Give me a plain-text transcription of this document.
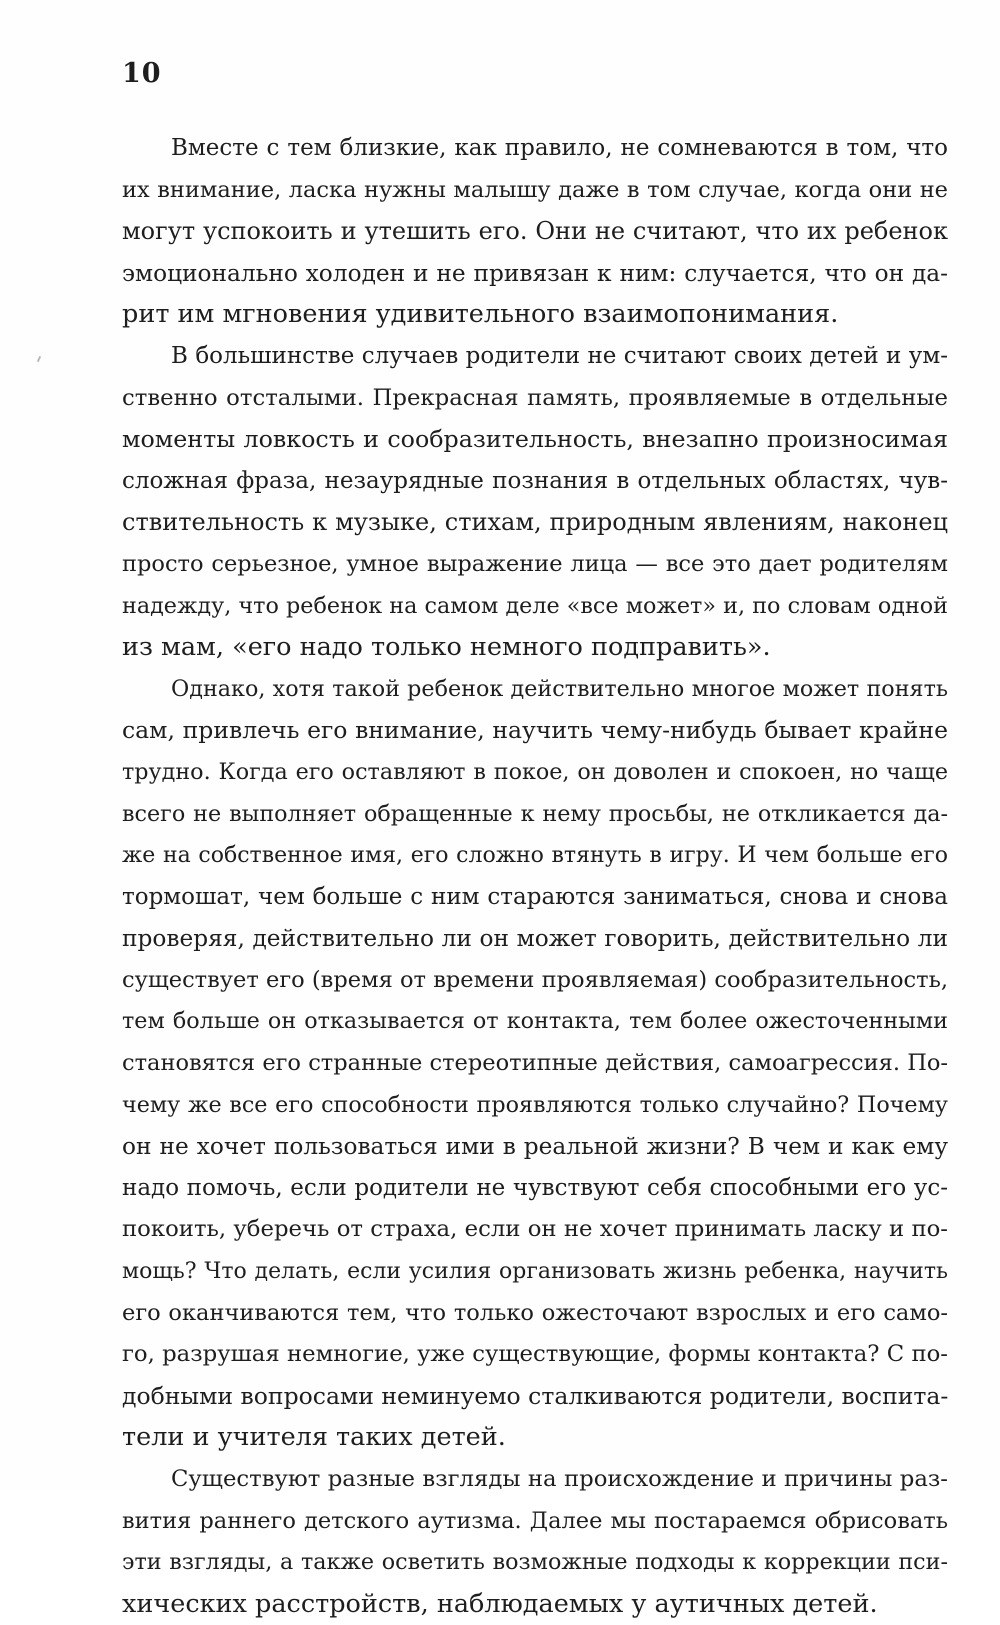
10
Вместе с тем близкие, как правило, не сомневаются в том, что
их внимание, ласка нужны малышу даже в том случае, когда они не
могут успокоить и утешить его. Они не считают, что их ребенок
эмоционально холоден и не привязан к ним: случается, что он да-
рит им мгновения удивительного взаимопонимания.
В большинстве случаев родители не считают своих детей и ум-
ственно отсталыми. Прекрасная память, проявляемые в отдельные
моменты ловкость и сообразительность, внезапно произносимая
сложная фраза, незаурядные познания в отдельных областях, чув-
ствительность к музыке, стихам, природным явлениям, наконец
просто серьезное, умное выражение лица — все это дает родителям
надежду, что ребенок на самом деле «все может» и, по словам одной
из мам, «его надо только немного подправить».
Однако, хотя такой ребенок действительно многое может понять
сам, привлечь его внимание, научить чему-нибудь бывает крайне
трудно. Когда его оставляют в покое, он доволен и спокоен, но чаще
всего не выполняет обращенные к нему просьбы, не откликается да-
же на собственное имя, его сложно втянуть в игру. И чем больше его
тормошат, чем больше с ним стараются заниматься, снова и снова
проверяя, действительно ли он может говорить, действительно ли
существует его (время от времени проявляемая) сообразительность,
тем больше он отказывается от контакта, тем более ожесточенными
становятся его странные стереотипные действия, самоагрессия. По-
чему же все его способности проявляются только случайно? Почему
он не хочет пользоваться ими в реальной жизни? В чем и как ему
надо помочь, если родители не чувствуют себя способными его ус-
покоить, уберечь от страха, если он не хочет принимать ласку и по-
мощь? Что делать, если усилия организовать жизнь ребенка, научить
его оканчиваются тем, что только ожесточают взрослых и его само-
го, разрушая немногие, уже существующие, формы контакта? С по-
добными вопросами неминуемо сталкиваются родители, воспита-
тели и учителя таких детей.
Существуют разные взгляды на происхождение и причины раз-
вития раннего детского аутизма. Далее мы постараемся обрисовать
эти взгляды, а также осветить возможные подходы к коррекции пси-
хических расстройств, наблюдаемых у аутичных детей.
